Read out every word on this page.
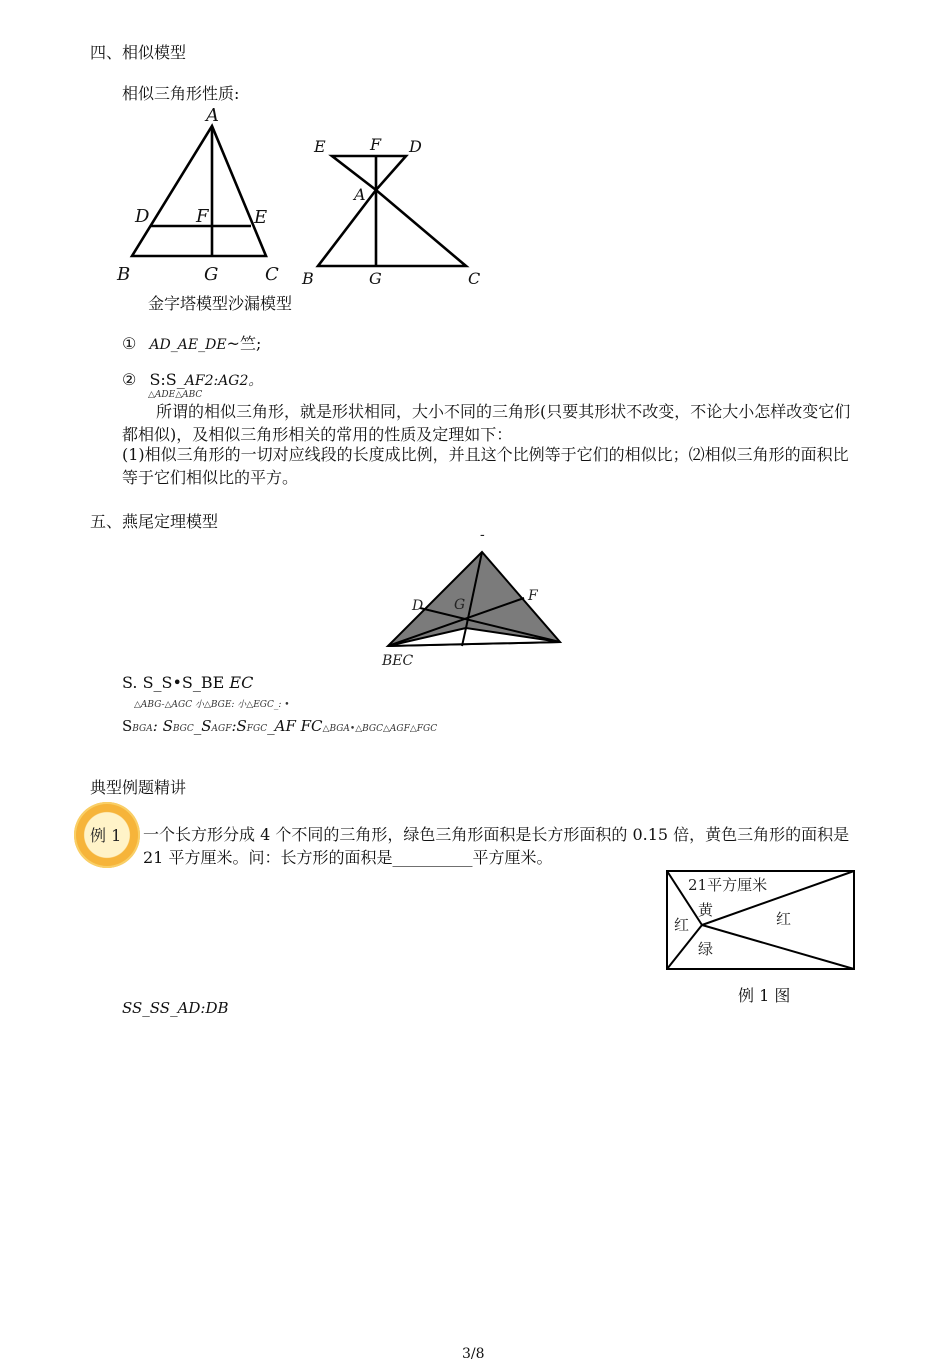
四、相似模型
相似三角形性质:
A
D	F	E
B	G	C
E	F D
A
B	G	C
金字塔模型沙漏模型
① AD_AE_DE~竺;
② S:S_AF2:AG2。
△ADE△ABC
所谓的相似三角形，就是形状相同，大小不同的三角形(只要其形状不改变，不论大小怎样改变它们都相似)，及相似三角形相关的常用的性质及定理如下：
(1)相似三角形的一切对应线段的长度成比例，并且这个比例等于它们的相似比；⑵相似三角形的面积比等于它们相似比的平方。
五、燕尾定理模型
-
D G
F
BEC
S. S_S•S_BE EC
△ABG-△AGC 小△BGE: 小△EGC_: •
SBGA: SBGC_SAGF:SFGC_AF FC△BGA•△BGC△AGF△FGC
典型例题精讲
例 1 一个长方形分成 4 个不同的三角形，绿色三角形面积是长方形面积的 0.15 倍，黄色三角形的面积是
21 平方厘米。问：长方形的面积是__________平方厘米。
21平方厘米
黄
红	红
绿
例 1 图
SS_SS_AD:DB
3/8
